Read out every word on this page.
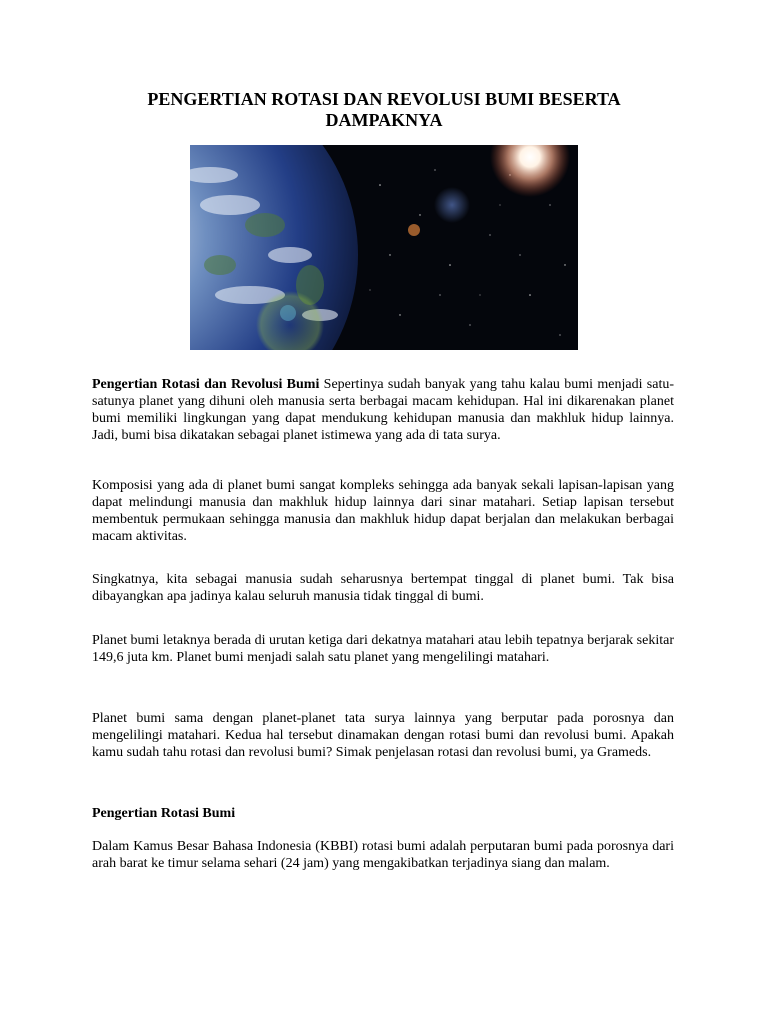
PENGERTIAN ROTASI DAN REVOLUSI BUMI BESERTA DAMPAKNYA

Pengertian Rotasi dan Revolusi Bumi Sepertinya sudah banyak yang tahu kalau bumi menjadi satu-satunya planet yang dihuni oleh manusia serta berbagai macam kehidupan. Hal ini dikarenakan planet bumi memiliki lingkungan yang dapat mendukung kehidupan manusia dan makhluk hidup lainnya. Jadi, bumi bisa dikatakan sebagai planet istimewa yang ada di tata surya.

Komposisi yang ada di planet bumi sangat kompleks sehingga ada banyak sekali lapisan-lapisan yang dapat melindungi manusia dan makhluk hidup lainnya dari sinar matahari. Setiap lapisan tersebut membentuk permukaan sehingga manusia dan makhluk hidup dapat berjalan dan melakukan berbagai macam aktivitas.

Singkatnya, kita sebagai manusia sudah seharusnya bertempat tinggal di planet bumi. Tak bisa dibayangkan apa jadinya kalau seluruh manusia tidak tinggal di bumi.

Planet bumi letaknya berada di urutan ketiga dari dekatnya matahari atau lebih tepatnya berjarak sekitar 149,6 juta km. Planet bumi menjadi salah satu planet yang mengelilingi matahari.

Planet bumi sama dengan planet-planet tata surya lainnya yang berputar pada porosnya dan mengelilingi matahari. Kedua hal tersebut dinamakan dengan rotasi bumi dan revolusi bumi. Apakah kamu sudah tahu rotasi dan revolusi bumi? Simak penjelasan rotasi dan revolusi bumi, ya Grameds.

Pengertian Rotasi Bumi

Dalam Kamus Besar Bahasa Indonesia (KBBI) rotasi bumi adalah perputaran bumi pada porosnya dari arah barat ke timur selama sehari (24 jam) yang mengakibatkan terjadinya siang dan malam.
